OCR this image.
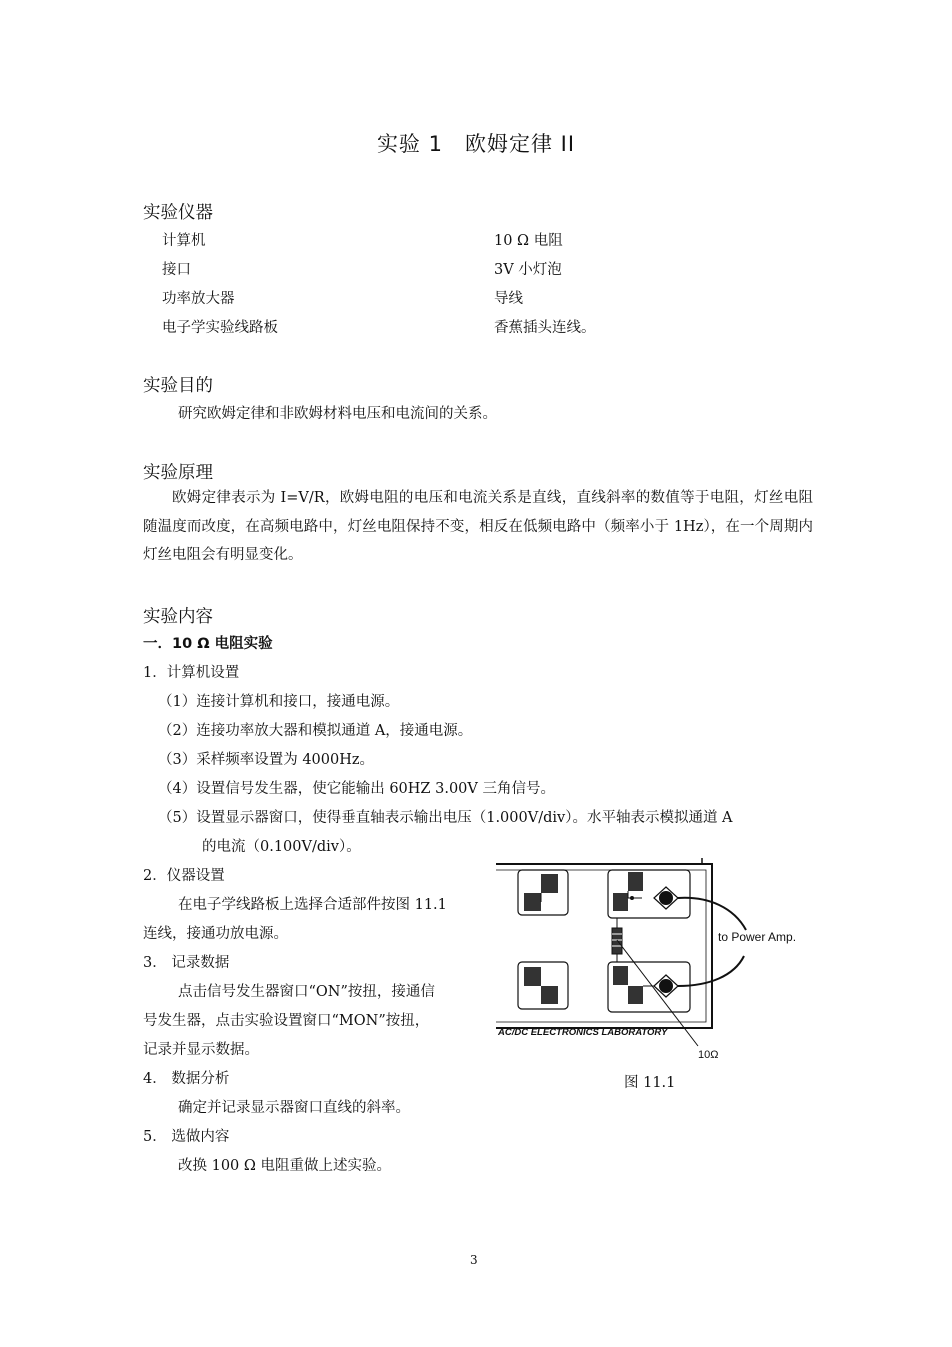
实验 1　欧姆定律 II
实验仪器
计算机
接口
功率放大器
电子学实验线路板
10 Ω 电阻
3V 小灯泡
导线
香蕉插头连线。
实验目的
研究欧姆定律和非欧姆材料电压和电流间的关系。
实验原理
欧姆定律表示为 I=V/R，欧姆电阻的电压和电流关系是直线，直线斜率的数值等于电阻，灯丝电阻随温度而改度，在高频电路中，灯丝电阻保持不变，相反在低频电路中（频率小于 1Hz），在一个周期内灯丝电阻会有明显变化。
实验内容
一．10 Ω 电阻实验
1．计算机设置
（1）连接计算机和接口，接通电源。
（2）连接功率放大器和模拟通道 A，接通电源。
（3）采样频率设置为 4000Hz。
（4）设置信号发生器，使它能输出 60HZ 3.00V 三角信号。
（5）设置显示器窗口，使得垂直轴表示输出电压（1.000V/div）。水平轴表示模拟通道 A
的电流（0.100V/div）。
2．仪器设置
在电子学线路板上选择合适部件按图 11.1
连线，接通功放电源。
3． 记录数据
点击信号发生器窗口“ON”按扭，接通信
号发生器，点击实验设置窗口“MON”按扭，
记录并显示数据。
4． 数据分析
确定并记录显示器窗口直线的斜率。
5． 选做内容
改换 100 Ω 电阻重做上述实验。
AC/DC ELECTRONICS LABORATORY
to Power Amp.
10Ω
图 11.1
3
